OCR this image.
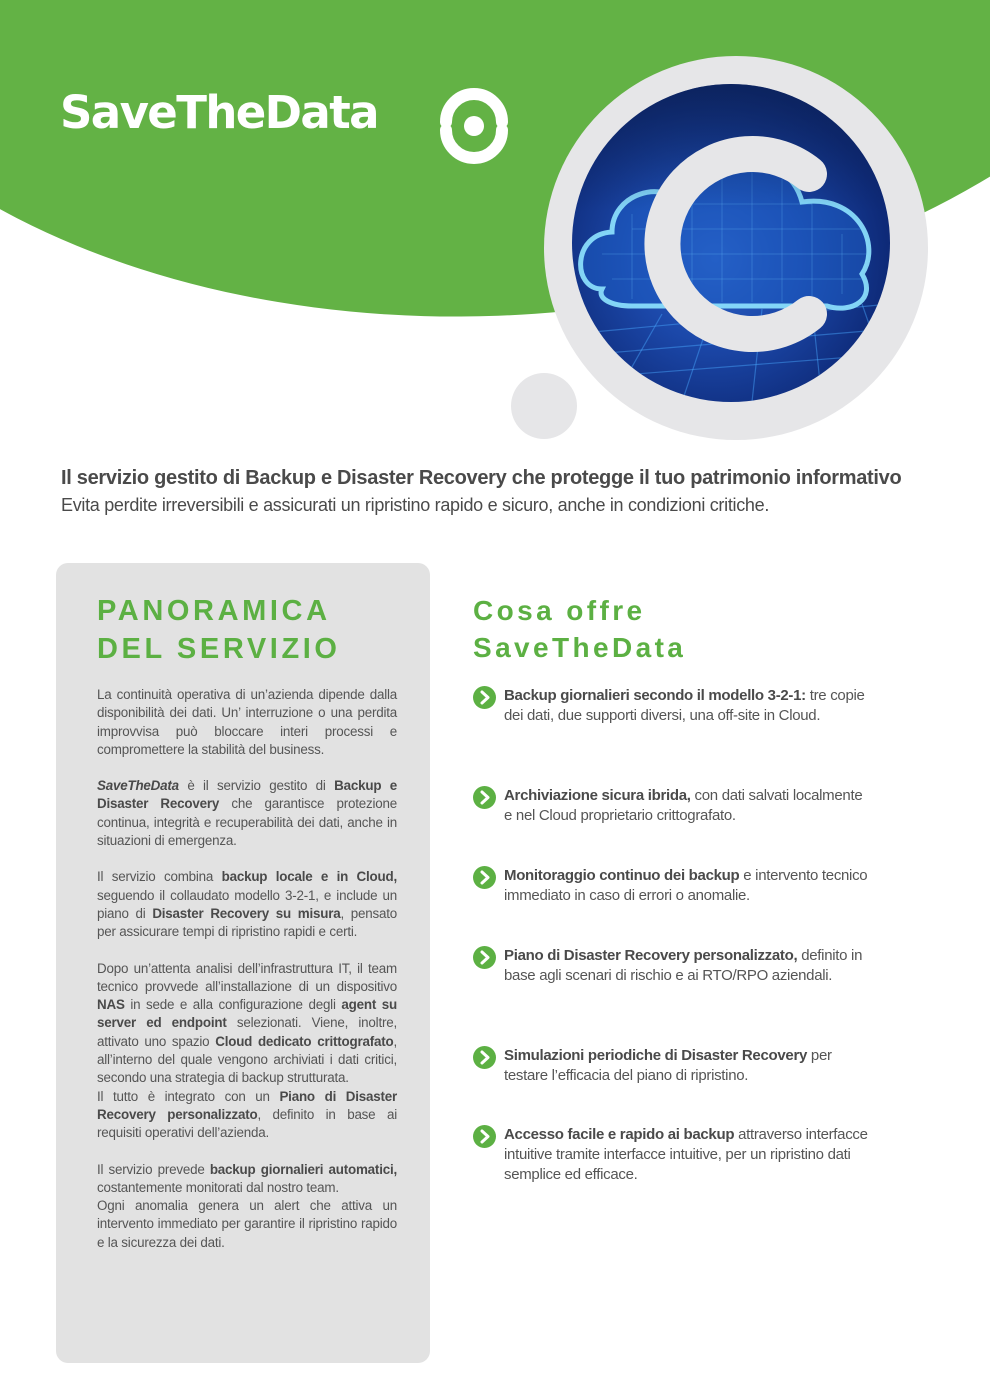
SaveTheData
Il servizio gestito di Backup e Disaster Recovery che protegge il tuo patrimonio informativo
Evita perdite irreversibili e assicurati un ripristino rapido e sicuro, anche in condizioni critiche.
PANORAMICA
DEL SERVIZIO

La continuità operativa di un’azienda dipende dalla disponibilità dei dati. Un’ interruzione o una perdita improvvisa può bloccare interi processi e compromettere la stabilità del business.

SaveTheData è il servizio gestito di Backup e Disaster Recovery che garantisce protezione continua, integrità e recuperabilità dei dati, anche in situazioni di emergenza.

Il servizio combina backup locale e in Cloud, seguendo il collaudato modello 3-2-1, e include un piano di Disaster Recovery su misura, pensato per assicurare tempi di ripristino rapidi e certi.

Dopo un’attenta analisi dell’infrastruttura IT, il team tecnico provvede all’installazione di un dispositivo NAS in sede e alla configurazione degli agent su server ed endpoint selezionati. Viene, inoltre, attivato uno spazio Cloud dedicato crittografato, all’interno del quale vengono archiviati i dati critici, secondo una strategia di backup strutturata.

Il tutto è integrato con un Piano di Disaster Recovery personalizzato, definito in base ai requisiti operativi dell’azienda.

Il servizio prevede backup giornalieri automatici, costantemente monitorati dal nostro team.

Ogni anomalia genera un alert che attiva un intervento immediato per garantire il ripristino rapido e la sicurezza dei dati.

Cosa offre
SaveTheData
Backup giornalieri secondo il modello 3-2-1: tre copie dei dati, due supporti diversi, una off-site in Cloud.
Archiviazione sicura ibrida, con dati salvati localmente e nel Cloud proprietario crittografato.
Monitoraggio continuo dei backup e intervento tecnico immediato in caso di errori o anomalie.
Piano di Disaster Recovery personalizzato, definito in base agli scenari di rischio e ai RTO/RPO aziendali.
Simulazioni periodiche di Disaster Recovery per testare l’efficacia del piano di ripristino.
Accesso facile e rapido ai backup attraverso interfacce intuitive tramite interfacce intuitive, per un ripristino dati semplice ed efficace.
